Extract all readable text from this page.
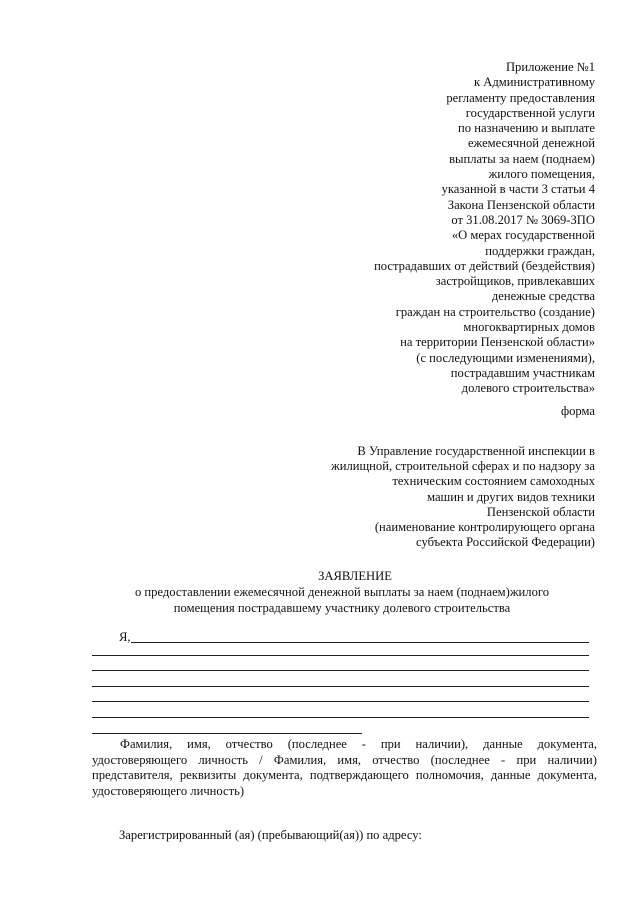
Приложение №1
к Административному
регламенту предоставления
государственной услуги
по назначению и выплате
ежемесячной денежной
выплаты за наем (поднаем)
жилого помещения,
указанной в части 3 статьи 4
Закона Пензенской области
от 31.08.2017 № 3069-ЗПО
«О мерах государственной
поддержки граждан,
пострадавших от действий (бездействия)
застройщиков, привлекавших
денежные средства
граждан на строительство (создание)
многоквартирных домов
на территории Пензенской области»
(с последующими изменениями),
пострадавшим участникам
долевого строительства»
форма
В Управление государственной инспекции в
жилищной, строительной сферах и по надзору за
техническим состоянием самоходных
машин и других видов техники
Пензенской области
(наименование контролирующего органа
субъекта Российской Федерации)
ЗАЯВЛЕНИЕ
о предоставлении ежемесячной денежной выплаты за наем (поднаем)жилого
помещения пострадавшему участнику долевого строительства
Я,
Фамилия, имя, отчество (последнее - при наличии), данные документа, удостоверяющего личность / Фамилия, имя, отчество (последнее - при наличии) представителя, реквизиты документа, подтверждающего полномочия, данные документа, удостоверяющего личность)
Зарегистрированный (ая) (пребывающий(ая)) по адресу:
